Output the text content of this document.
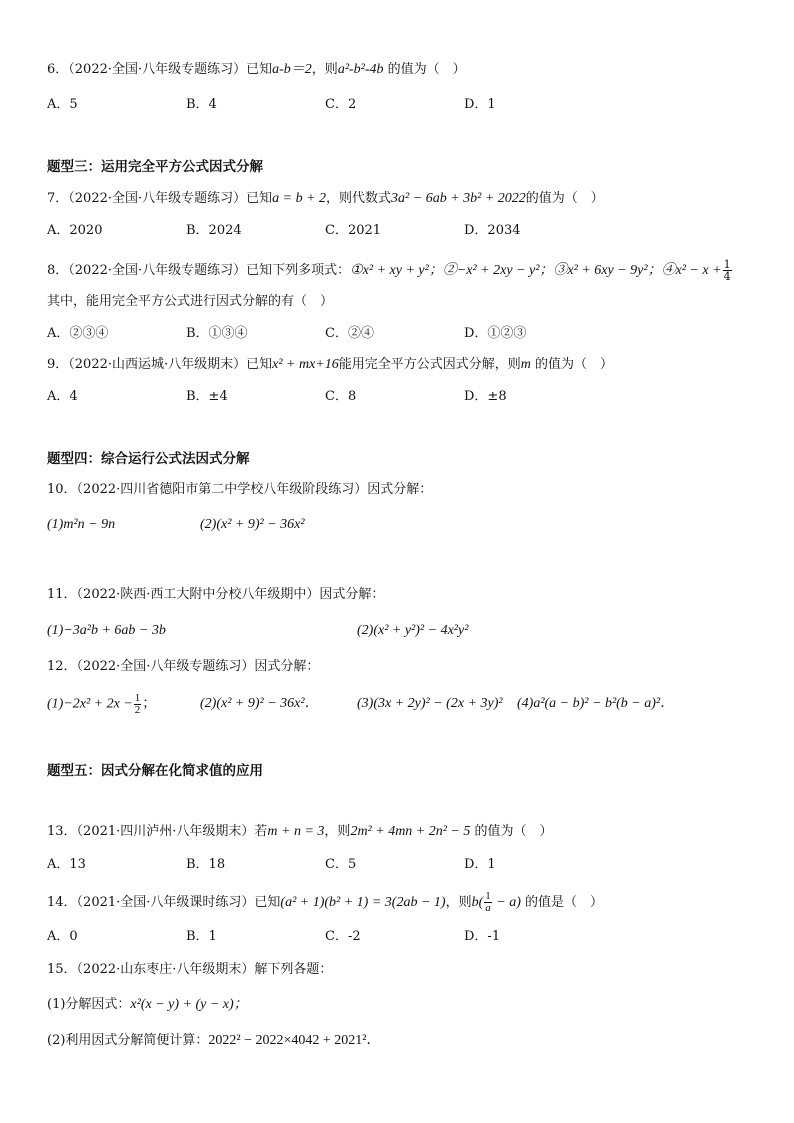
6．（2022·全国·八年级专题练习）已知a-b＝2，则a²-b²-4b 的值为（　）
A．5	B．4	C．2	D．1
题型三：运用完全平方公式因式分解
7．（2022·全国·八年级专题练习）已知a = b + 2，则代数式3a² − 6ab + 3b² + 2022的值为（　）
A．2020	B．2024	C．2021	D．2034
8．（2022·全国·八年级专题练习）已知下列多项式：①x² + xy + y²；②−x² + 2xy − y²；③x² + 6xy − 9y²；④x² − $x + \frac{1}{4}$
其中，能用完全平方公式进行因式分解的有（　）
A．②③④	B．①③④	C．②④	D．①②③
9．（2022·山西运城·八年级期末）已知x² + mx+16能用完全平方公式因式分解，则m 的值为（　）
A．4	B．±4	C．8	D．±8
题型四：综合运行公式法因式分解
10．（2022·四川省德阳市第二中学校八年级阶段练习）因式分解：
(1)m²n − 9n	(2)(x² + 9)² − 36x²
11．（2022·陕西·西工大附中分校八年级期中）因式分解：
(1)−3a²b + 6ab − 3b	(2)(x² + y²)² − 4x²y²
12．（2022·全国·八年级专题练习）因式分解：
$(1)-2x^2 + 2x - \frac{1}{2}$ ；	(2)(x² + 9)² − 36x²．	(3)(3x + 2y)² − (2x + 3y)² (4)a²(a − b)² − b²(b − a)²．
题型五：因式分解在化简求值的应用
13．（2021·四川泸州·八年级期末）若m + n = 3，则2m² + 4mn + 2n² − 5 的值为（　）
A．13	B．18	C．5	D．1
14．（2021·全国·八年级课时练习）已知(a² + 1)(b² + 1) = 3(2ab − 1)，则$b( \frac{1}{a} - a)$ 的值是（　）
A．0	B．1	C．-2	D．-1
15．（2022·山东枣庄·八年级期末）解下列各题：
(1)分解因式：x²(x − y) + (y − x)；
(2)利用因式分解简便计算：2022² − 2022×4042 + 2021²．
